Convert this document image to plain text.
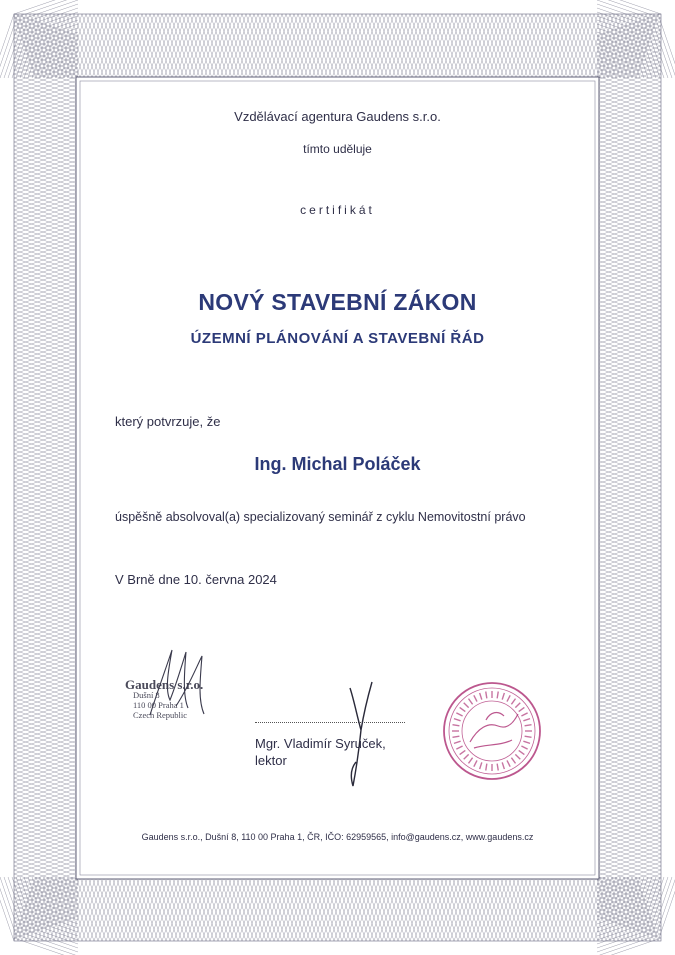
Vzdělávací agentura Gaudens s.r.o.
tímto uděluje
certifikát
NOVÝ STAVEBNÍ ZÁKON
ÚZEMNÍ PLÁNOVÁNÍ A STAVEBNÍ ŘÁD
který potvrzuje, že
Ing. Michal Poláček
úspěšně absolvoval(a) specializovaný seminář z cyklu Nemovitostní právo
V Brně dne 10. června 2024
Gaudens s.r.o.
Dušní 8
110 00 Praha 1
Czech Republic
Mgr. Vladimír Syruček,
lektor
Gaudens s.r.o., Dušní 8, 110 00 Praha 1, ČR, IČO: 62959565, info@gaudens.cz, www.gaudens.cz
